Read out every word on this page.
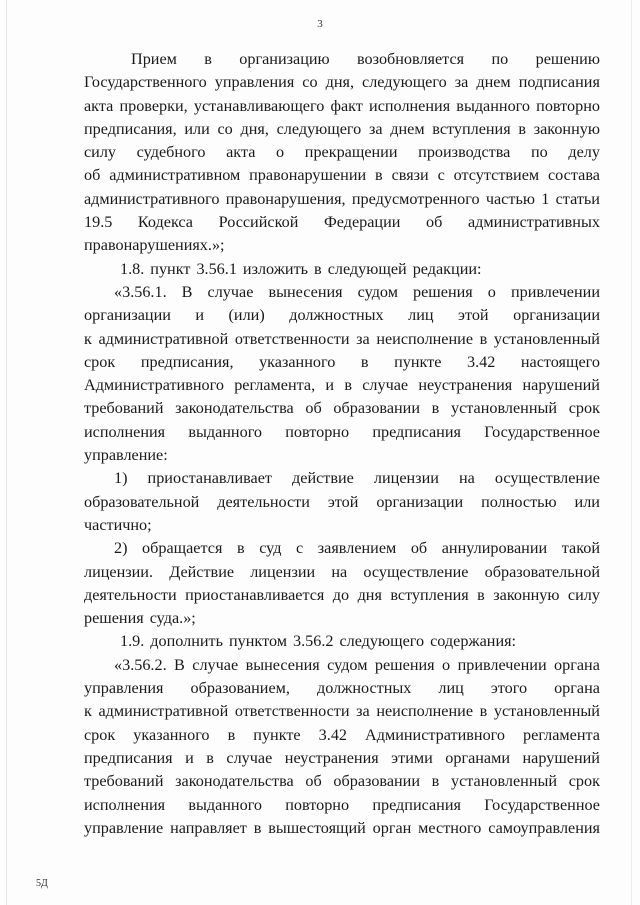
3
Прием в организацию возобновляется по решению
Государственного управления со дня, следующего за днем подписания
акта проверки, устанавливающего факт исполнения выданного повторно
предписания, или со дня, следующего за днем вступления в законную
силу судебного акта о прекращении производства по делу
об административном правонарушении в связи с отсутствием состава
административного правонарушения, предусмотренного частью 1 статьи
19.5 Кодекса Российской Федерации об административных
правонарушениях.»;
1.8. пункт 3.56.1 изложить в следующей редакции:
«3.56.1. В случае вынесения судом решения о привлечении
организации и (или) должностных лиц этой организации
к административной ответственности за неисполнение в установленный
срок предписания, указанного в пункте 3.42 настоящего
Административного регламента, и в случае неустранения нарушений
требований законодательства об образовании в установленный срок
исполнения выданного повторно предписания Государственное
управление:
1) приостанавливает действие лицензии на осуществление
образовательной деятельности этой организации полностью или
частично;
2) обращается в суд с заявлением об аннулировании такой
лицензии. Действие лицензии на осуществление образовательной
деятельности приостанавливается до дня вступления в законную силу
решения суда.»;
1.9. дополнить пунктом 3.56.2 следующего содержания:
«3.56.2. В случае вынесения судом решения о привлечении органа
управления образованием, должностных лиц этого органа
к административной ответственности за неисполнение в установленный
срок указанного в пункте 3.42 Административного регламента
предписания и в случае неустранения этими органами нарушений
требований законодательства об образовании в установленный срок
исполнения выданного повторно предписания Государственное
управление направляет в вышестоящий орган местного самоуправления
5Д
